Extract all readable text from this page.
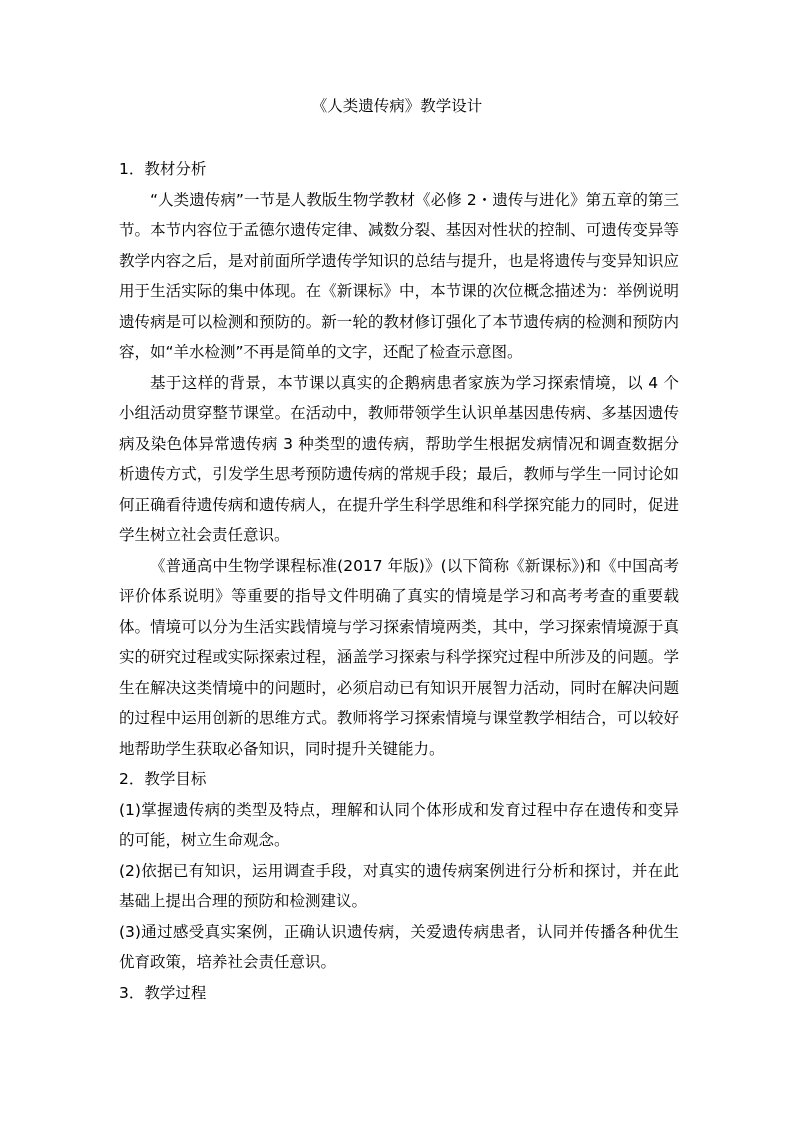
《人类遗传病》教学设计

1．教材分析

“人类遗传病”一节是人教版生物学教材《必修 2・遗传与进化》第五章的第三节。本节内容位于孟德尔遗传定律、减数分裂、基因对性状的控制、可遗传变异等教学内容之后，是对前面所学遗传学知识的总结与提升，也是将遗传与变异知识应用于生活实际的集中体现。在《新课标》中，本节课的次位概念描述为：举例说明遗传病是可以检测和预防的。新一轮的教材修订强化了本节遗传病的检测和预防内容，如“羊水检测”不再是简单的文字，还配了检查示意图。

基于这样的背景，本节课以真实的企鹅病患者家族为学习探索情境，以 4 个小组活动贯穿整节课堂。在活动中，教师带领学生认识单基因患传病、多基因遗传病及染色体异常遗传病 3 种类型的遗传病，帮助学生根据发病情况和调查数据分析遗传方式，引发学生思考预防遗传病的常规手段；最后，教师与学生一同讨论如何正确看待遗传病和遗传病人，在提升学生科学思维和科学探究能力的同时，促进学生树立社会责任意识。

《普通高中生物学课程标准(2017 年版)》(以下简称《新课标》)和《中国高考评价体系说明》等重要的指导文件明确了真实的情境是学习和高考考查的重要载体。情境可以分为生活实践情境与学习探索情境两类，其中，学习探索情境源于真实的研究过程或实际探索过程，涵盖学习探索与科学探究过程中所涉及的问题。学生在解决这类情境中的问题时，必须启动已有知识开展智力活动，同时在解决问题的过程中运用创新的思维方式。教师将学习探索情境与课堂教学相结合，可以较好地帮助学生获取必备知识，同时提升关键能力。

2．教学目标

(1)掌握遗传病的类型及特点，理解和认同个体形成和发育过程中存在遗传和变异的可能，树立生命观念。

(2)依据已有知识，运用调查手段，对真实的遗传病案例进行分析和探讨，并在此基础上提出合理的预防和检测建议。

(3)通过感受真实案例，正确认识遗传病，关爱遗传病患者，认同并传播各种优生优育政策，培养社会责任意识。

3．教学过程
